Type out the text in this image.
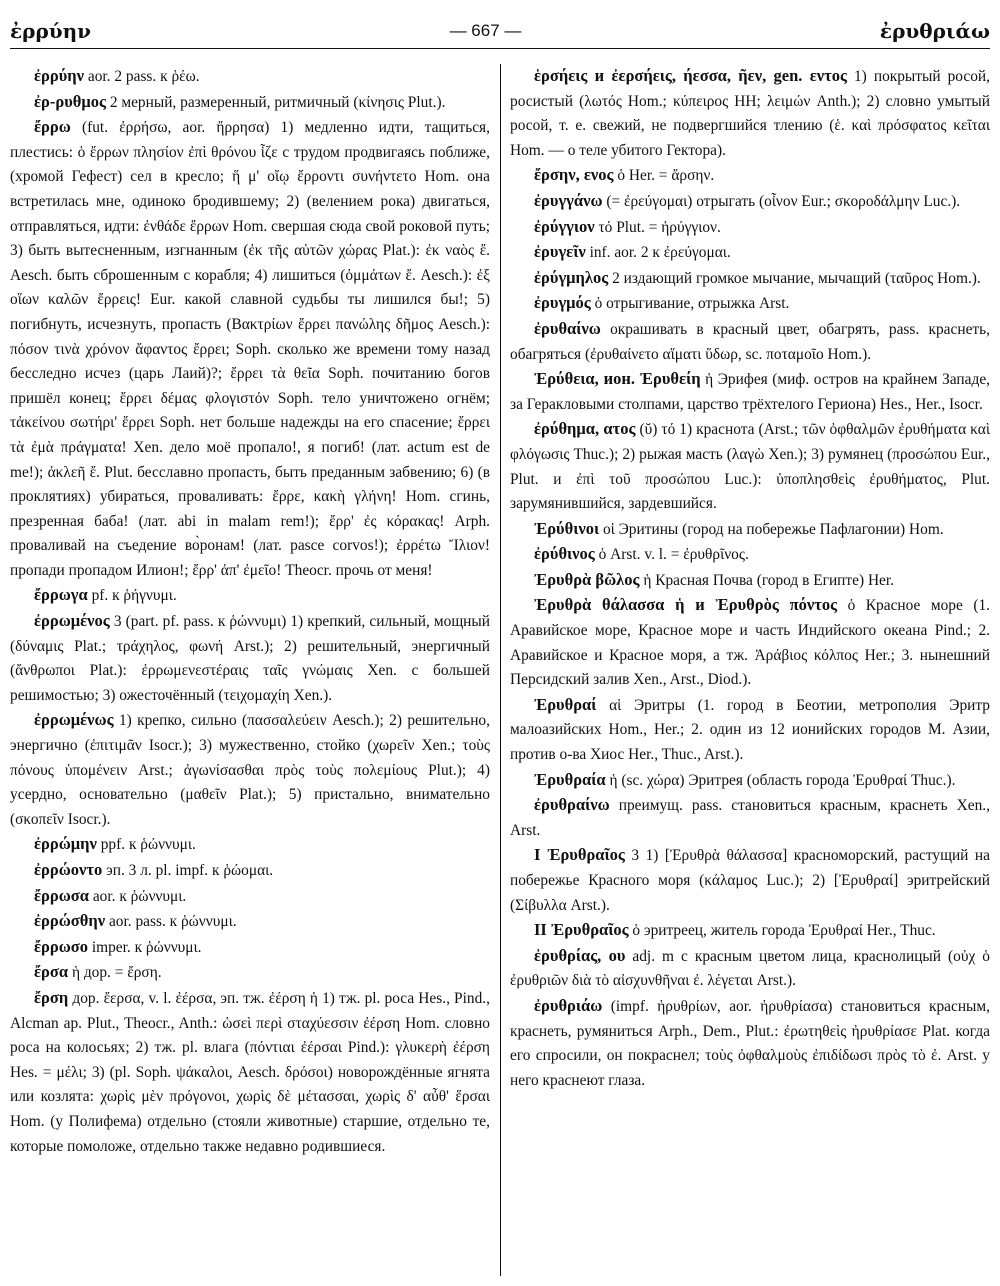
ἐρρύην	— 667 —	ἐρυθριάω
ἐρρύην aor. 2 pass. к ῥέω.
ἐρ-ρυθμος 2 мерный, размеренный, ритмичный (κίνησις Plut.).
ἔρρω (fut. ἐρρήσω, aor. ἤρρησα) 1) медленно идти, тащиться, плестись: ὁ ἔρρων πλησίον ἐπὶ θρόνου ἷζε с трудом продвигаясь поближе, (хромой Гефест) сел в кресло; ἥ μ' οἴῳ ἔρροντι συνήντετο Hom. она встретилась мне, одиноко бродившему; 2) (велением рока) двигаться, отправляться, идти: ἐνθάδε ἔρρων Hom. свершая сюда свой роковой путь; 3) быть вытесненным, изгнанным (ἐκ τῆς αὑτῶν χώρας Plat.): ἐκ ναὸς ἔ. Aesch. быть сброшенным с корабля; 4) лишиться (ὀμμάτων ἔ. Aesch.): ἐξ οἵων καλῶν ἔρρεις! Eur. какой славной судьбы ты лишился бы!; 5) погибнуть, исчезнуть, пропасть (Βακτρίων ἔρρει πανώλης δῆμος Aesch.): πόσον τινὰ χρόνον ἄφαντος ἔρρει; Soph. сколько же времени тому назад бесследно исчез (царь Лаий)?; ἔρρει τὰ θεῖα Soph. почитанию богов пришёл конец; ἔρρει δέμας φλογιστόν Soph. тело уничтожено огнём; τἀκείνου σωτήρι' ἔρρει Soph. нет больше надежды на его спасение; ἔρρει τὰ ἐμὰ πράγματα! Xen. дело моё пропало!, я погиб! (лат. actum est de me!); ἀκλεῆ ἔ. Plut. бесславно пропасть, быть преданным забвению; 6) (в проклятиях) убираться, проваливать: ἔρρε, κακὴ γλήνη! Hom. сгинь, презренная баба! (лат. abi in malam rem!); ἔρρ' ἐς κόρακας! Arph. проваливай на съедение во̀ронам! (лат. pasce corvos!); ἐρρέτω Ἴλιον! пропади пропадом Илион!; ἔρρ' ἀπ' ἐμεῖο! Theocr. прочь от меня!
ἔρρωγα pf. к ῥήγνυμι.
ἐρρωμένος 3 (part. pf. pass. к ῥώννυμι) 1) крепкий, сильный, мощный (δύναμις Plat.; τράχηλος, φωνή Arst.); 2) решительный, энергичный (ἄνθρωποι Plat.): ἐρρωμενεστέραις ταῖς γνώμαις Xen. с большей решимостью; 3) ожесточённый (τειχομαχίη Xen.).
ἐρρωμένως 1) крепко, сильно (πασσαλεύειν Aesch.); 2) решительно, энергично (ἐπιτιμᾶν Isocr.); 3) мужественно, стойко (χωρεῖν Xen.; τοὺς πόνους ὑπομένειν Arst.; ἀγωνίσασθαι πρὸς τοὺς πολεμίους Plut.); 4) усердно, основательно (μαθεῖν Plat.); 5) пристально, внимательно (σκοπεῖν Isocr.).
ἐρρώμην ppf. к ῥώννυμι.
ἐρρώοντο эп. 3 л. pl. impf. к ῥώομαι.
ἔρρωσα aor. к ῥώννυμι.
ἐρρώσθην aor. pass. к ῥώννυμι.
ἔρρωσο imper. к ῥώννυμι.
ἔρσα ἡ дор. = ἔρση.
ἔρση дор. ἔερσα, v. l. ἐέρσα, эп. тж. ἐέρση ἡ 1) тж. pl. роса Hes., Pind., Alcman ap. Plut., Theocr., Anth.: ὡσεὶ περὶ σταχύεσσιν ἐέρση Hom. словно роса на колосьях; 2) тж. pl. влага (πόντιαι ἐέρσαι Pind.): γλυκερὴ ἐέρση Hes. = μέλι; 3) (pl. Soph. ψάκαλοι, Aesch. δρόσοι) новорождённые ягнята или козлята: χωρὶς μὲν πρόγονοι, χωρὶς δὲ μέτασσαι, χωρὶς δ' αὖθ' ἕρσαι Hom. (у Полифема) отдельно (стояли животные) старшие, отдельно те, которые помоложе, отдельно также недавно родившиеся.
ἑρσήεις и ἐερσήεις, ήεσσα, ῆεν, gen. εντος 1) покрытый росой, росистый (λωτός Hom.; κύπειρος HH; λειμών Anth.); 2) словно умытый росой, т. е. свежий, не подвергшийся тлению (ἑ. καὶ πρόσφατος κεῖται Hom. — о теле убитого Гектора).
ἔρσην, ενος ὁ Her. = ἄρσην.
ἐρυγγάνω (= ἐρεύγομαι) отрыгать (οἶνον Eur.; σκοροδάλμην Luc.).
ἐρύγγιον τό Plut. = ἠρύγγιον.
ἐρυγεῖν inf. aor. 2 к ἐρεύγομαι.
ἐρύγμηλος 2 издающий громкое мычание, мычащий (ταῦρος Hom.).
ἐρυγμός ὁ отрыгивание, отрыжка Arst.
ἐρυθαίνω окрашивать в красный цвет, обагрять, pass. краснеть, обагряться (ἐρυθαίνετο αἵματι ὕδωρ, sc. ποταμοῖο Hom.).
Ἐρύθεια, ион. Ἐρυθείη ἡ Эрифея (миф. остров на крайнем Западе, за Геракловыми столпами, царство трёхтелого Гериона) Hes., Her., Isocr.
ἐρύθημα, ατος (ῠ) τό 1) краснота (Arst.; τῶν ὀφθαλμῶν ἐρυθήματα καὶ φλόγωσις Thuc.); 2) рыжая масть (λαγὼ Xen.); 3) румянец (προσώπου Eur., Plut. и ἐπὶ τοῦ προσώπου Luc.): ὑποπλησθεὶς ἐρυθήματος, Plut. зарумянившийся, зардевшийся.
Ἐρύθινοι οἱ Эритины (город на побережье Пафлагонии) Hom.
ἐρύθινος ὁ Arst. v. l. = ἐρυθρῖνος.
Ἐρυθρὰ βῶλος ἡ Красная Почва (город в Египте) Her.
Ἐρυθρὰ θάλασσα ἡ и Ἐρυθρὸς πόντος ὁ Красное море (1. Аравийское море, Красное море и часть Индийского океана Pind.; 2. Аравийское и Красное моря, а тж. Ἀράβιος κόλπος Her.; 3. нынешний Персидский залив Xen., Arst., Diod.).
Ἐρυθραί αἱ Эритры (1. город в Беотии, метрополия Эритр малоазийских Hom., Her.; 2. один из 12 ионийских городов М. Азии, против о-ва Хиос Her., Thuc., Arst.).
Ἐρυθραία ἡ (sc. χώρα) Эритрея (область города Ἐρυθραί Thuc.).
ἐρυθραίνω преимущ. pass. становиться красным, краснеть Xen., Arst.
I Ἐρυθραῖος 3 1) [Ἐρυθρὰ θάλασσα] красноморский, растущий на побережье Красного моря (κάλαμος Luc.); 2) [Ἐρυθραί] эритрейский (Σίβυλλα Arst.).
II Ἐρυθραῖος ὁ эритреец, житель города Ἐρυθραί Her., Thuc.
ἐρυθρίας, ου adj. m с красным цветом лица, краснолицый (οὐχ ὁ ἐρυθριῶν διὰ τὸ αἰσχυνθῆναι ἐ. λέγεται Arst.).
ἐρυθριάω (impf. ἠρυθρίων, aor. ἠρυθρίασα) становиться красным, краснеть, румяниться Arph., Dem., Plut.: ἐρωτηθεὶς ἠρυθρίασε Plat. когда его спросили, он покраснел; τοὺς ὀφθαλμοὺς ἐπιδίδωσι πρὸς τὸ ἐ. Arst. у него краснеют глаза.
